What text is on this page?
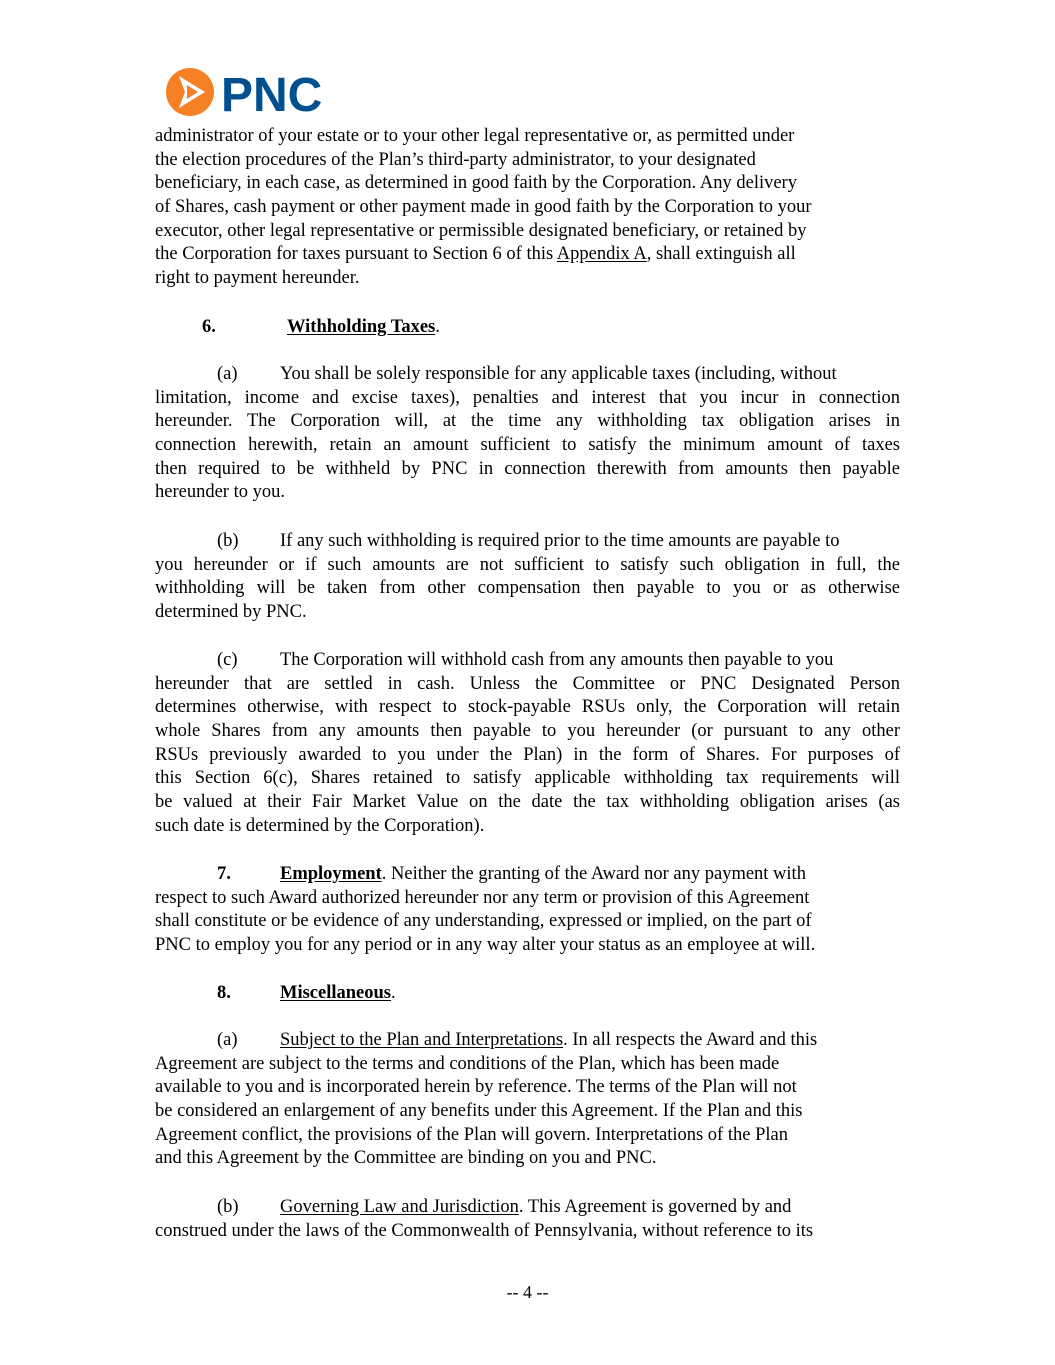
PNC
administrator of your estate or to your other legal representative or, as permitted under
the election procedures of the Plan’s third-party administrator, to your designated
beneficiary, in each case, as determined in good faith by the Corporation. Any delivery
of Shares, cash payment or other payment made in good faith by the Corporation to your
executor, other legal representative or permissible designated beneficiary, or retained by
the Corporation for taxes pursuant to Section 6 of this Appendix A, shall extinguish all
right to payment hereunder.
6.	Withholding Taxes.
(a) You shall be solely responsible for any applicable taxes (including, without
limitation, income and excise taxes), penalties and interest that you incur in connection
hereunder. The Corporation will, at the time any withholding tax obligation arises in
connection herewith, retain an amount sufficient to satisfy the minimum amount of taxes
then required to be withheld by PNC in connection therewith from amounts then payable
hereunder to you.
(b) If any such withholding is required prior to the time amounts are payable to
you hereunder or if such amounts are not sufficient to satisfy such obligation in full, the
withholding will be taken from other compensation then payable to you or as otherwise
determined by PNC.
(c) The Corporation will withhold cash from any amounts then payable to you
hereunder that are settled in cash. Unless the Committee or PNC Designated Person
determines otherwise, with respect to stock-payable RSUs only, the Corporation will retain
whole Shares from any amounts then payable to you hereunder (or pursuant to any other
RSUs previously awarded to you under the Plan) in the form of Shares. For purposes of
this Section 6(c), Shares retained to satisfy applicable withholding tax requirements will
be valued at their Fair Market Value on the date the tax withholding obligation arises (as
such date is determined by the Corporation).
7.	Employment. Neither the granting of the Award nor any payment with
respect to such Award authorized hereunder nor any term or provision of this Agreement
shall constitute or be evidence of any understanding, expressed or implied, on the part of
PNC to employ you for any period or in any way alter your status as an employee at will.
8.	Miscellaneous.
(a) Subject to the Plan and Interpretations. In all respects the Award and this
Agreement are subject to the terms and conditions of the Plan, which has been made
available to you and is incorporated herein by reference. The terms of the Plan will not
be considered an enlargement of any benefits under this Agreement. If the Plan and this
Agreement conflict, the provisions of the Plan will govern. Interpretations of the Plan
and this Agreement by the Committee are binding on you and PNC.
(b) Governing Law and Jurisdiction. This Agreement is governed by and
construed under the laws of the Commonwealth of Pennsylvania, without reference to its
-- 4 --
